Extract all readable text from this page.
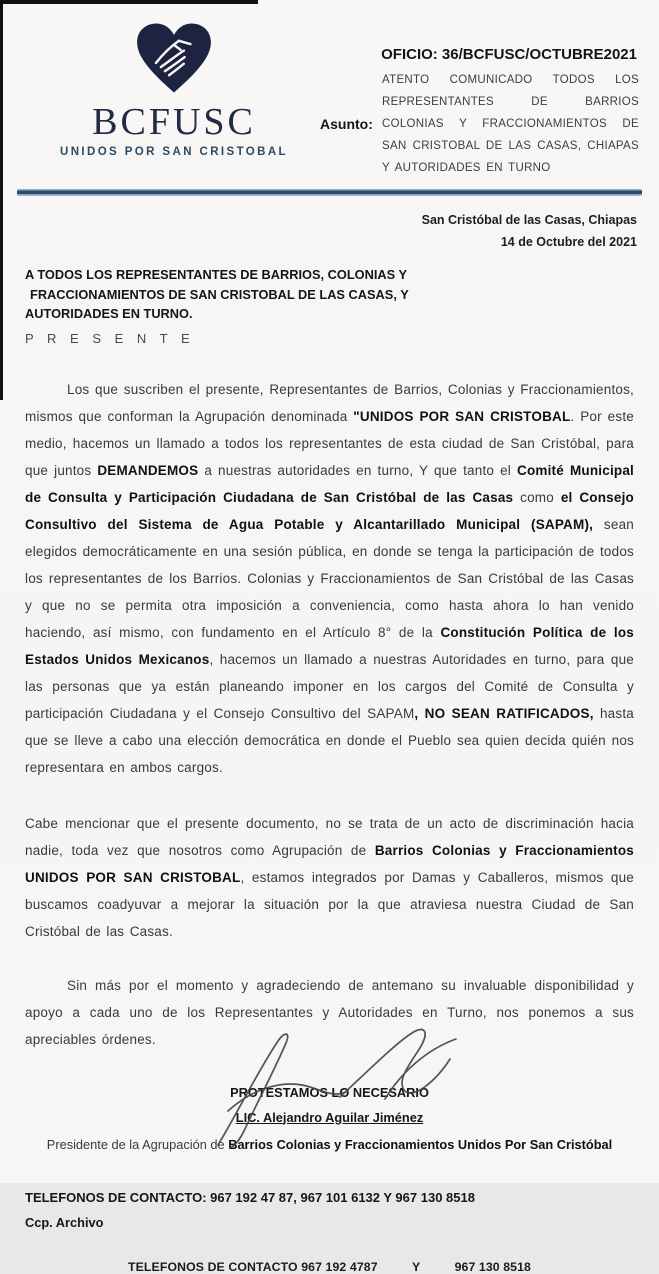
BCFUSC
UNIDOS POR SAN CRISTOBAL
OFICIO: 36/BCFUSC/OCTUBRE2021
Asunto:
ATENTO COMUNICADO TODOS LOS REPRESENTANTES DE BARRIOS COLONIAS Y FRACCIONAMIENTOS DE SAN CRISTOBAL DE LAS CASAS, CHIAPAS Y AUTORIDADES EN TURNO
San Cristóbal de las Casas, Chiapas
14 de Octubre del 2021
A TODOS LOS REPRESENTANTES DE BARRIOS, COLONIAS Y
FRACCIONAMIENTOS DE SAN CRISTOBAL DE LAS CASAS, Y
AUTORIDADES EN TURNO.
P R E S E N T E

Los que suscriben el presente, Representantes de Barrios, Colonias y Fraccionamientos, mismos que conforman la Agrupación denominada "UNIDOS POR SAN CRISTOBAL. Por este medio, hacemos un llamado a todos los representantes de esta ciudad de San Cristóbal, para que juntos DEMANDEMOS a nuestras autoridades en turno, Y que tanto el Comité Municipal de Consulta y Participación Ciudadana de San Cristóbal de las Casas como el Consejo Consultivo del Sistema de Agua Potable y Alcantarillado Municipal (SAPAM), sean elegidos democráticamente en una sesión pública, en donde se tenga la participación de todos los representantes de los Barrios. Colonias y Fraccionamientos de San Cristóbal de las Casas y que no se permita otra imposición a conveniencia, como hasta ahora lo han venido haciendo, así mismo, con fundamento en el Artículo 8° de la Constitución Política de los Estados Unidos Mexicanos, hacemos un llamado a nuestras Autoridades en turno, para que las personas que ya están planeando imponer en los cargos del Comité de Consulta y participación Ciudadana y el Consejo Consultivo del SAPAM, NO SEAN RATIFICADOS, hasta que se lleve a cabo una elección democrática en donde el Pueblo sea quien decida quién nos representara en ambos cargos.

Cabe mencionar que el presente documento, no se trata de un acto de discriminación hacia nadie, toda vez que nosotros como Agrupación de Barrios Colonias y Fraccionamientos UNIDOS POR SAN CRISTOBAL, estamos integrados por Damas y Caballeros, mismos que buscamos coadyuvar a mejorar la situación por la que atraviesa nuestra Ciudad de San Cristóbal de las Casas.

Sin más por el momento y agradeciendo de antemano su invaluable disponibilidad y apoyo a cada uno de los Representantes y Autoridades en Turno, nos ponemos a sus apreciables órdenes.

PROTESTAMOS LO NECESARIO
LIC. Alejandro Aguilar Jiménez
Presidente de la Agrupación de Barrios Colonias y Fraccionamientos Unidos Por San Cristóbal
TELEFONOS DE CONTACTO: 967 192 47 87, 967 101 6132 Y 967 130 8518
Ccp. Archivo
TELEFONOS DE CONTACTO 967 192 4787	Y	967 130 8518
